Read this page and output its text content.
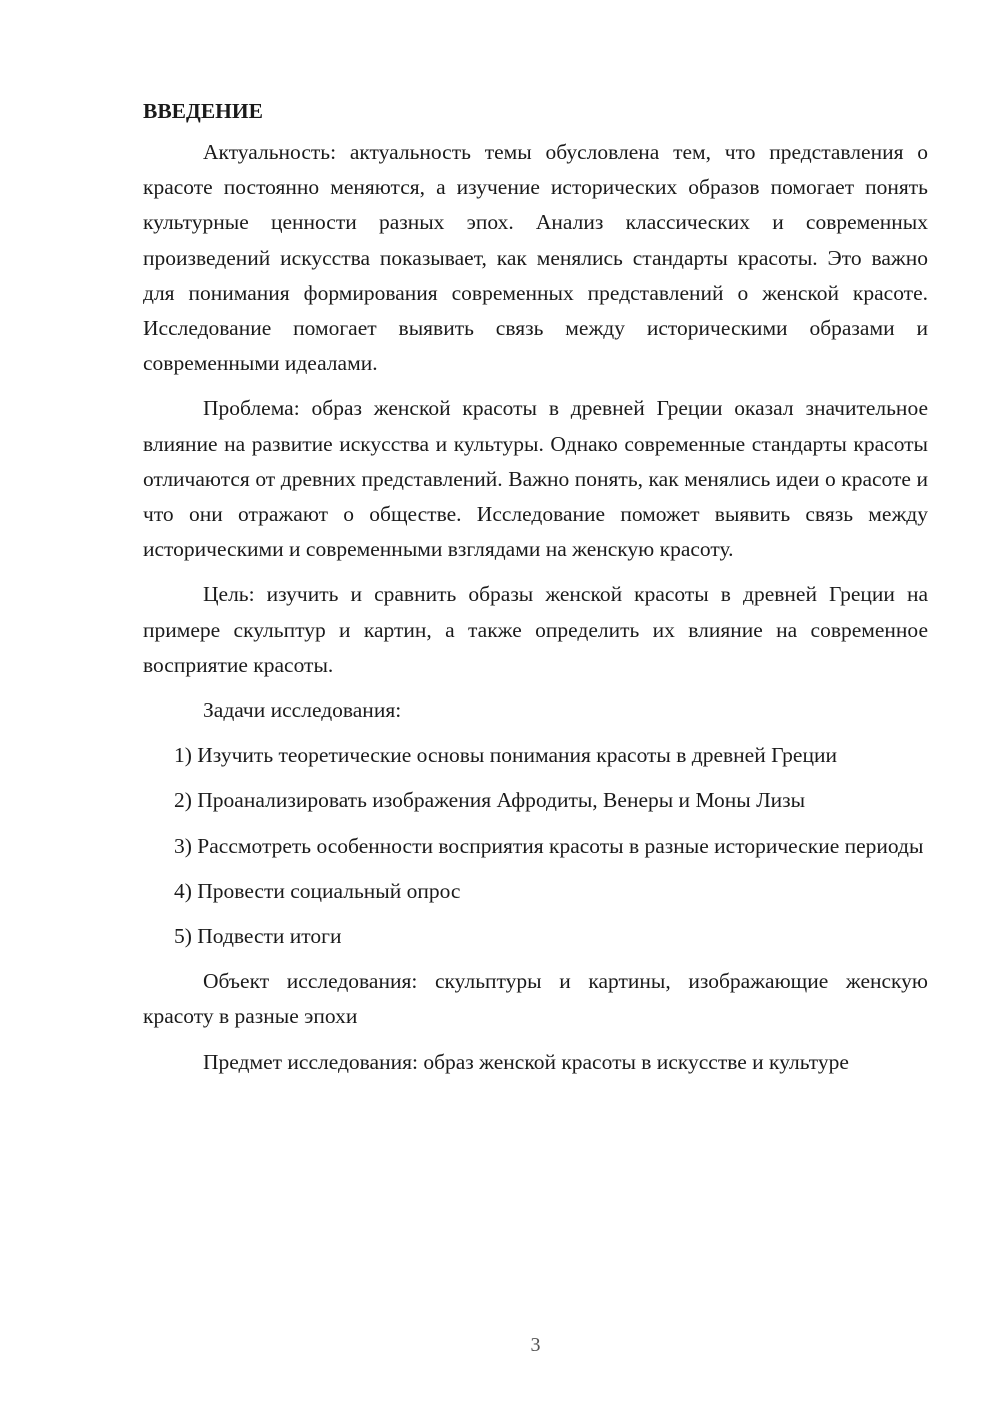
ВВЕДЕНИЕ

Актуальность: актуальность темы обусловлена тем, что представления о красоте постоянно меняются, а изучение исторических образов помогает понять культурные ценности разных эпох. Анализ классических и современных произведений искусства показывает, как менялись стандарты красоты. Это важно для понимания формирования современных представлений о женской красоте. Исследование помогает выявить связь между историческими образами и современными идеалами.

Проблема: образ женской красоты в древней Греции оказал значительное влияние на развитие искусства и культуры. Однако современные стандарты красоты отличаются от древних представлений. Важно понять, как менялись идеи о красоте и что они отражают о обществе. Исследование поможет выявить связь между историческими и современными взглядами на женскую красоту.

Цель: изучить и сравнить образы женской красоты в древней Греции на примере скульптур и картин, а также определить их влияние на современное восприятие красоты.

Задачи исследования:

1) Изучить теоретические основы понимания красоты в древней Греции

2) Проанализировать изображения Афродиты, Венеры и Моны Лизы

3) Рассмотреть особенности восприятия красоты в разные исторические периоды

4) Провести социальный опрос

5) Подвести итоги

Объект исследования: скульптуры и картины, изображающие женскую красоту в разные эпохи

Предмет исследования: образ женской красоты в искусстве и культуре

3
